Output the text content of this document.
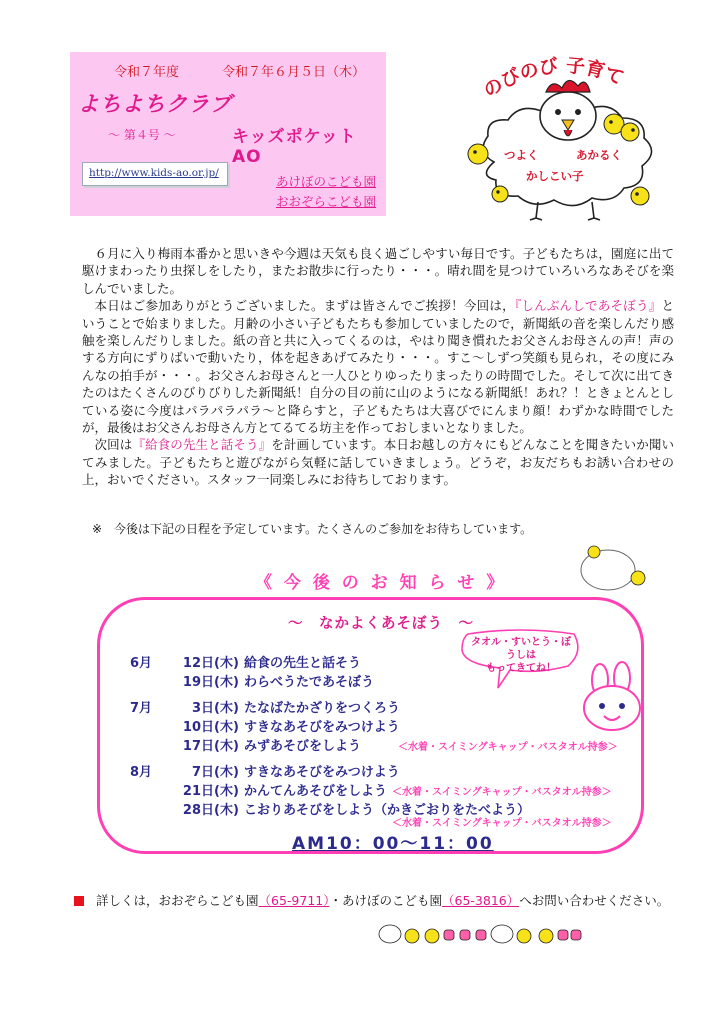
令和７年度	令和７年６月５日（木）
よちよちクラブ
～ 第４号 ～	キッズポケット AO
http://www.kids-ao.or.jp/
あけぼのこども園
おおぞらこども園
のびのび 子育て
つよく	あかるく
かしこい子

６月に入り梅雨本番かと思いきや今週は天気も良く過ごしやすい毎日です。子どもたちは，園庭に出て駆けまわったり虫探しをしたり，またお散歩に行ったり・・・。晴れ間を見つけていろいろなあそびを楽しんでいました。

本日はご参加ありがとうございました。まずは皆さんでご挨拶！今回は，『しんぶんしであそぼう』ということで始まりました。月齢の小さい子どもたちも参加していましたので，新聞紙の音を楽しんだり感触を楽しんだりしました。紙の音と共に入ってくるのは，やはり聞き慣れたお父さんお母さんの声！声のする方向にずりばいで動いたり，体を起きあげてみたり・・・。すこ～しずつ笑顔も見られ，その度にみんなの拍手が・・・。お父さんお母さんと一人ひとりゆったりまったりの時間でした。そして次に出てきたのはたくさんのびりびりした新聞紙！自分の目の前に山のようになる新聞紙！あれ？！ときょとんとしている姿に今度はパラパラパラ～と降らすと，子どもたちは大喜びでにんまり顔！わずかな時間でしたが，最後はお父さんお母さん方とてるてる坊主を作っておしまいとなりました。

次回は『給食の先生と話そう』を計画しています。本日お越しの方々にもどんなことを聞きたいか聞いてみました。子どもたちと遊びながら気軽に話していきましょう。どうぞ，お友だちもお誘い合わせの上，おいでください。スタッフ一同楽しみにお待ちしております。

※　今後は下記の日程を予定しています。たくさんのご参加をお待ちしています。
《 今 後 の お 知 ら せ 》
～　なかよくあそぼう　～
タオル・すいとう・ぼうしは
もってきてね！
6月 12日(木) 給食の先生と話そう
19日(木) わらべうたであそぼう
7月	3日(木) たなばたかざりをつくろう
10日(木) すきなあそびをみつけよう
17日(木) みずあそびをしよう	＜水着・スイミングキャップ・バスタオル持参＞
8月	7日(木) すきなあそびをみつけよう
21日(木) かんてんあそびをしよう ＜水着・スイミングキャップ・バスタオル持参＞
28日(木) こおりあそびをしよう（かきごおりをたべよう）
＜水着・スイミングキャップ・バスタオル持参＞
AM10：00～11：00
詳しくは，おおぞらこども園（65-9711）・あけぼのこども園（65-3816）へお問い合わせください。
